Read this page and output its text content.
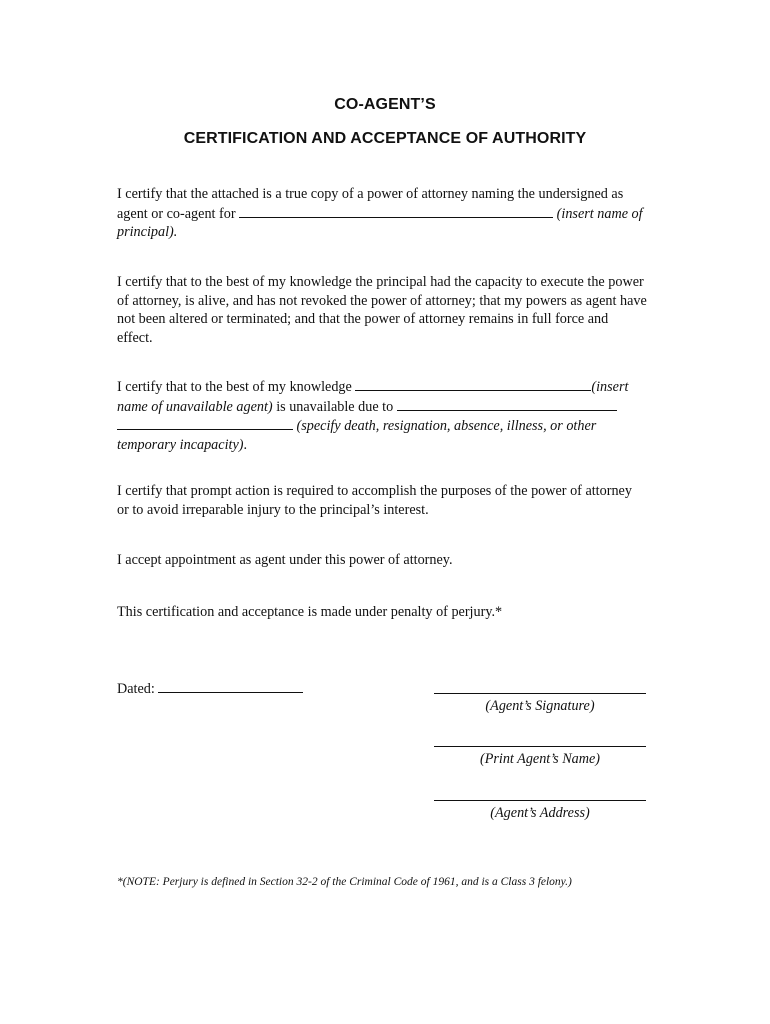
CO-AGENT’S
CERTIFICATION AND ACCEPTANCE OF AUTHORITY
I certify that the attached is a true copy of a power of attorney naming the undersigned as agent or co-agent for	(insert name of principal).
I certify that to the best of my knowledge the principal had the capacity to execute the power of attorney, is alive, and has not revoked the power of attorney; that my powers as agent have not been altered or terminated; and that the power of attorney remains in full force and effect.
I certify that to the best of my knowledge	(insert name of unavailable agent) is unavailable due to   (specify death, resignation, absence, illness, or other temporary incapacity).
I certify that prompt action is required to accomplish the purposes of the power of attorney or to avoid irreparable injury to the principal’s interest.
I accept appointment as agent under this power of attorney.
This certification and acceptance is made under penalty of perjury.*
Dated:
(Agent’s Signature)
(Print Agent’s Name)
(Agent’s Address)
*(NOTE: Perjury is defined in Section 32-2 of the Criminal Code of 1961, and is a Class 3 felony.)
